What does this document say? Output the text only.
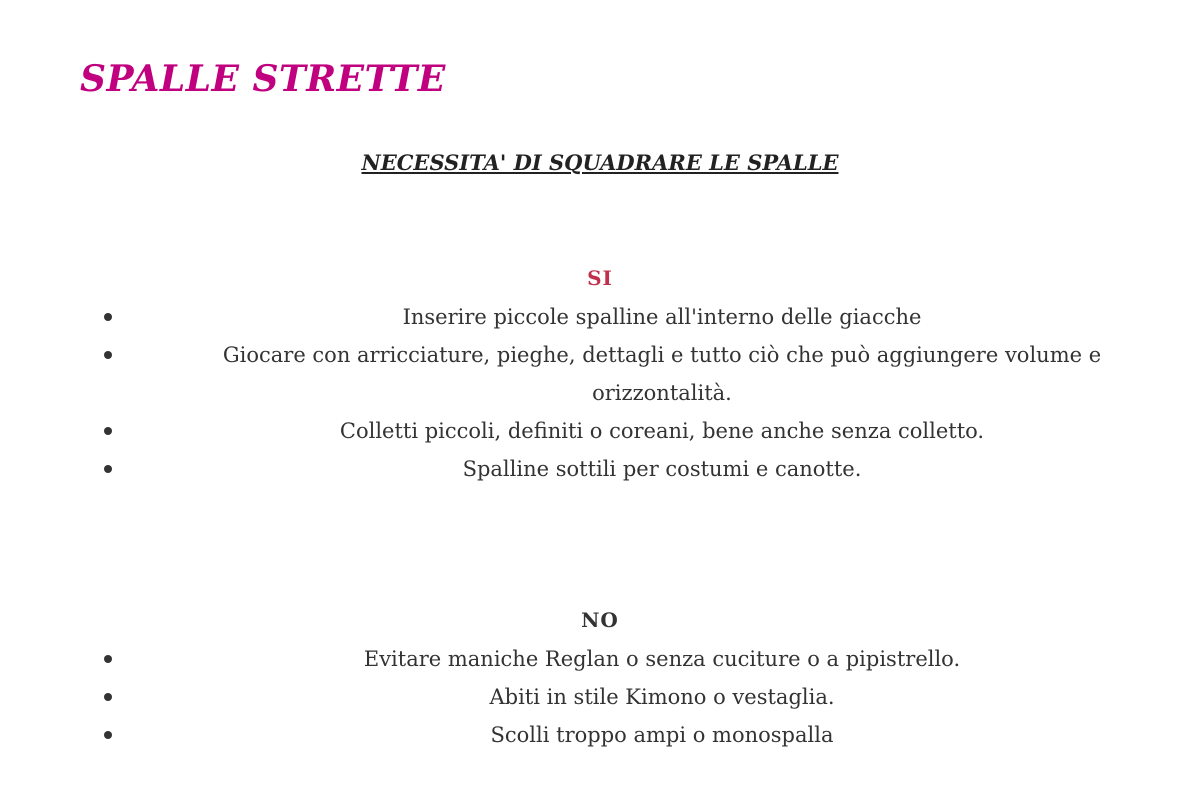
SPALLE STRETTE
NECESSITA' DI SQUADRARE LE SPALLE
SI
Inserire piccole spalline all'interno delle giacche
Giocare con arricciature, pieghe, dettagli e tutto ciò che può aggiungere volume e orizzontalità.
Colletti piccoli, definiti o coreani, bene anche senza colletto.
Spalline sottili per costumi e canotte.
NO
Evitare maniche Reglan o senza cuciture o a pipistrello.
Abiti in stile Kimono o vestaglia.
Scolli troppo ampi o monospalla
